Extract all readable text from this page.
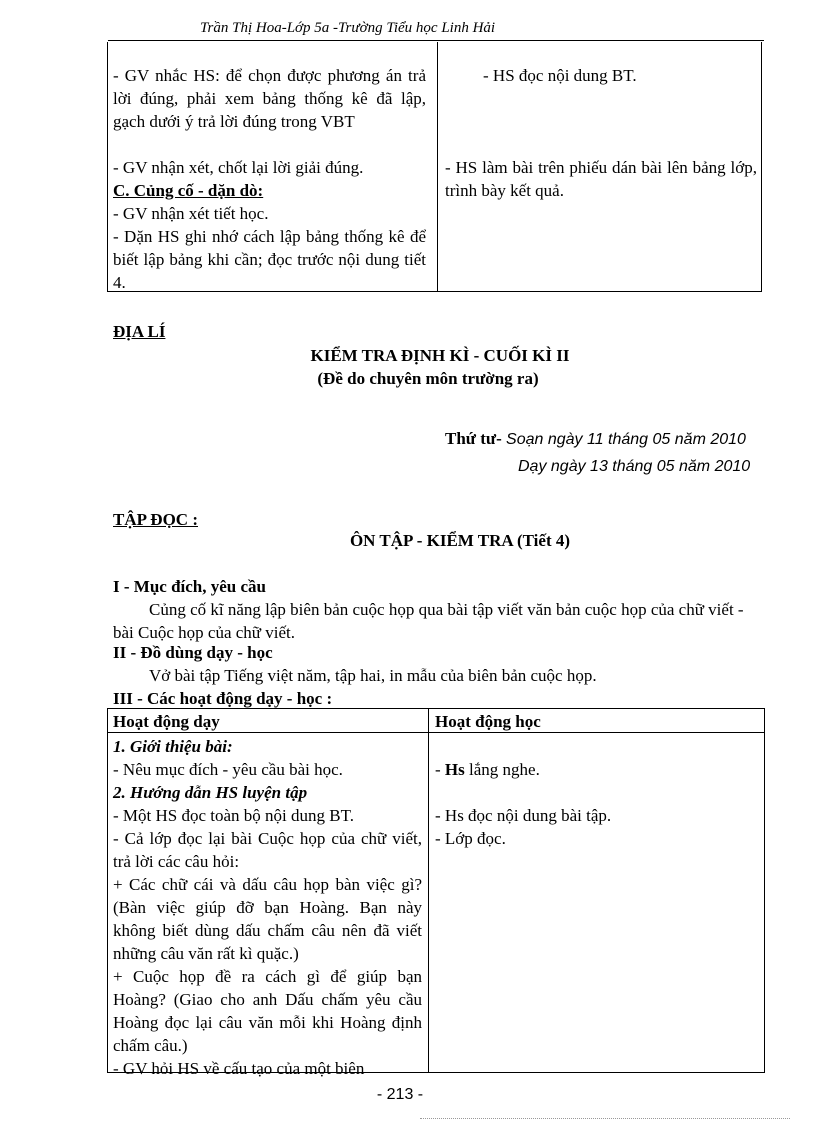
Trần Thị Hoa-Lớp 5a -Trường Tiểu học Linh Hải
- GV nhắc HS: để chọn được phương án trả lời đúng, phải xem bảng thống kê đã lập, gạch dưới ý trả lời đúng trong VBT
- GV nhận xét, chốt lại lời giải đúng.
C. Củng cố - dặn dò:
- GV nhận xét tiết học.
- Dặn HS ghi nhớ cách lập bảng thống kê để biết lập bảng khi cần; đọc trước nội dung tiết 4.
- HS đọc nội dung BT.
- HS làm bài trên phiếu dán bài lên bảng lớp, trình bày kết quả.
ĐỊA LÍ
KIỂM TRA ĐỊNH KÌ - CUỐI KÌ II
(Đề do chuyên môn trường ra)
Thứ tư- Soạn ngày 11 tháng 05 năm 2010
Dạy ngày 13 tháng 05 năm 2010
TẬP ĐỌC :
ÔN TẬP - KIỂM TRA (Tiết 4)
I - Mục đích, yêu cầu
Củng cố kĩ năng lập biên bản cuộc họp qua bài tập viết văn bản cuộc họp của chữ viết - bài Cuộc họp của chữ viết.
II - Đồ dùng dạy - học
Vở bài tập Tiếng việt năm, tập hai, in mẫu của biên bản cuộc họp.
III - Các hoạt động dạy - học :
Hoạt động dạy	Hoạt động học
1. Giới thiệu bài:
- Nêu mục đích - yêu cầu bài học.
2. Hướng dẫn HS luyện tập
- Một HS đọc toàn bộ nội dung BT.
- Cả lớp đọc lại bài Cuộc họp của chữ viết, trả lời các câu hỏi:
+ Các chữ cái và dấu câu họp bàn việc gì? (Bàn việc giúp đỡ bạn Hoàng. Bạn này không biết dùng dấu chấm câu nên đã viết những câu văn rất kì quặc.)
+ Cuộc họp đề ra cách gì để giúp bạn Hoàng? (Giao cho anh Dấu chấm yêu cầu Hoàng đọc lại câu văn mỗi khi Hoàng định chấm câu.)
- GV hỏi HS về cấu tạo của một biên
- Hs lắng nghe.
- Hs đọc nội dung bài tập.
- Lớp đọc.
- 213 -
